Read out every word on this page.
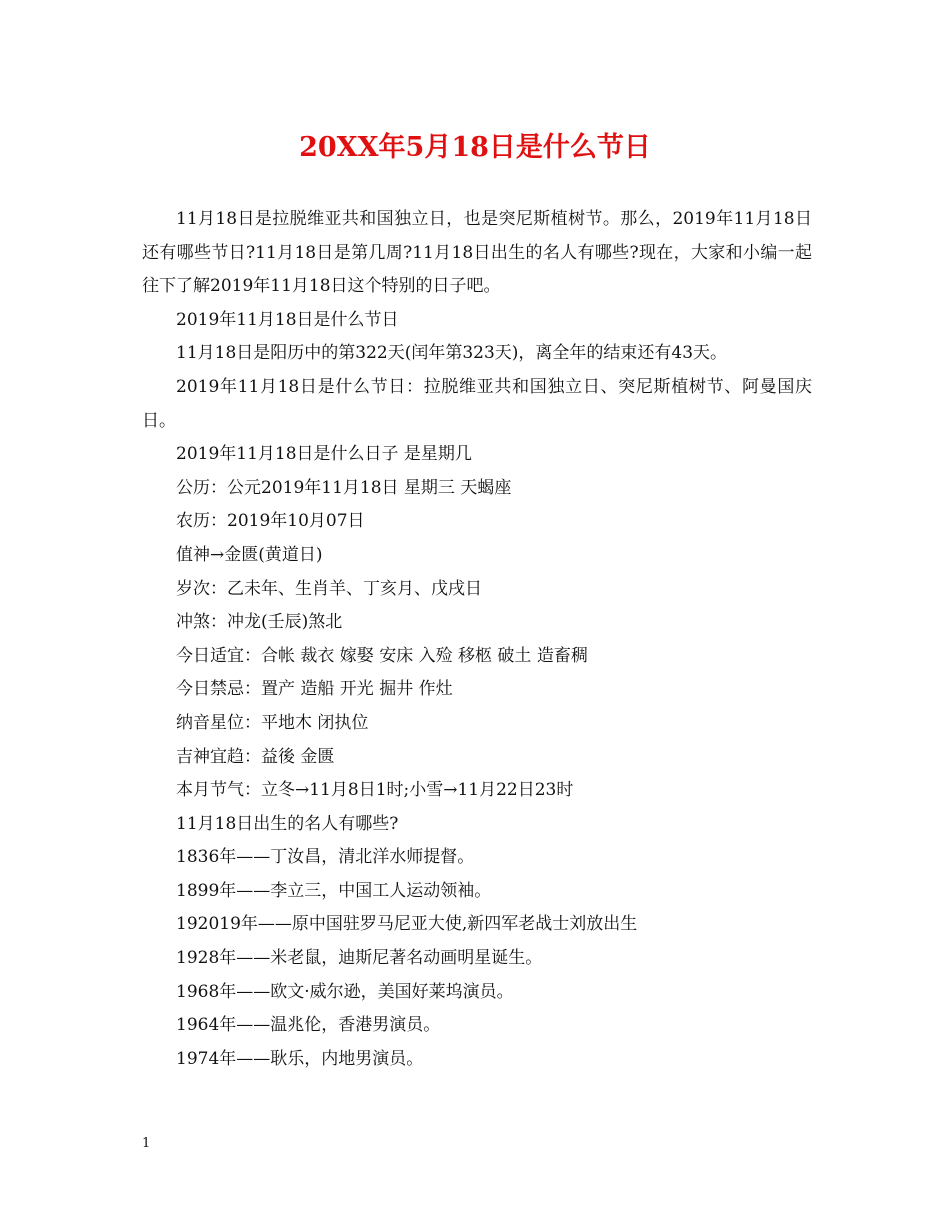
20XX年5月18日是什么节日

11月18日是拉脱维亚共和国独立日，也是突尼斯植树节。那么，2019年11月18日还有哪些节日?11月18日是第几周?11月18日出生的名人有哪些?现在，大家和小编一起往下了解2019年11月18日这个特别的日子吧。

2019年11月18日是什么节日

11月18日是阳历中的第322天(闰年第323天)，离全年的结束还有43天。

2019年11月18日是什么节日：拉脱维亚共和国独立日、突尼斯植树节、阿曼国庆日。

2019年11月18日是什么日子 是星期几

公历：公元2019年11月18日 星期三 天蝎座

农历：2019年10月07日

值神→金匮(黄道日)

岁次：乙未年、生肖羊、丁亥月、戊戌日

冲煞：冲龙(壬辰)煞北

今日适宜：合帐 裁衣 嫁娶 安床 入殓 移柩 破土 造畜稠

今日禁忌：置产 造船 开光 掘井 作灶

纳音星位：平地木 闭执位

吉神宜趋：益後 金匮

本月节气：立冬→11月8日1时;小雪→11月22日23时

11月18日出生的名人有哪些?

1836年——丁汝昌，清北洋水师提督。

1899年——李立三，中国工人运动领袖。

192019年——原中国驻罗马尼亚大使,新四军老战士刘放出生

1928年——米老鼠，迪斯尼著名动画明星诞生。

1968年——欧文·威尔逊，美国好莱坞演员。

1964年——温兆伦，香港男演员。

1974年——耿乐，内地男演员。

1
